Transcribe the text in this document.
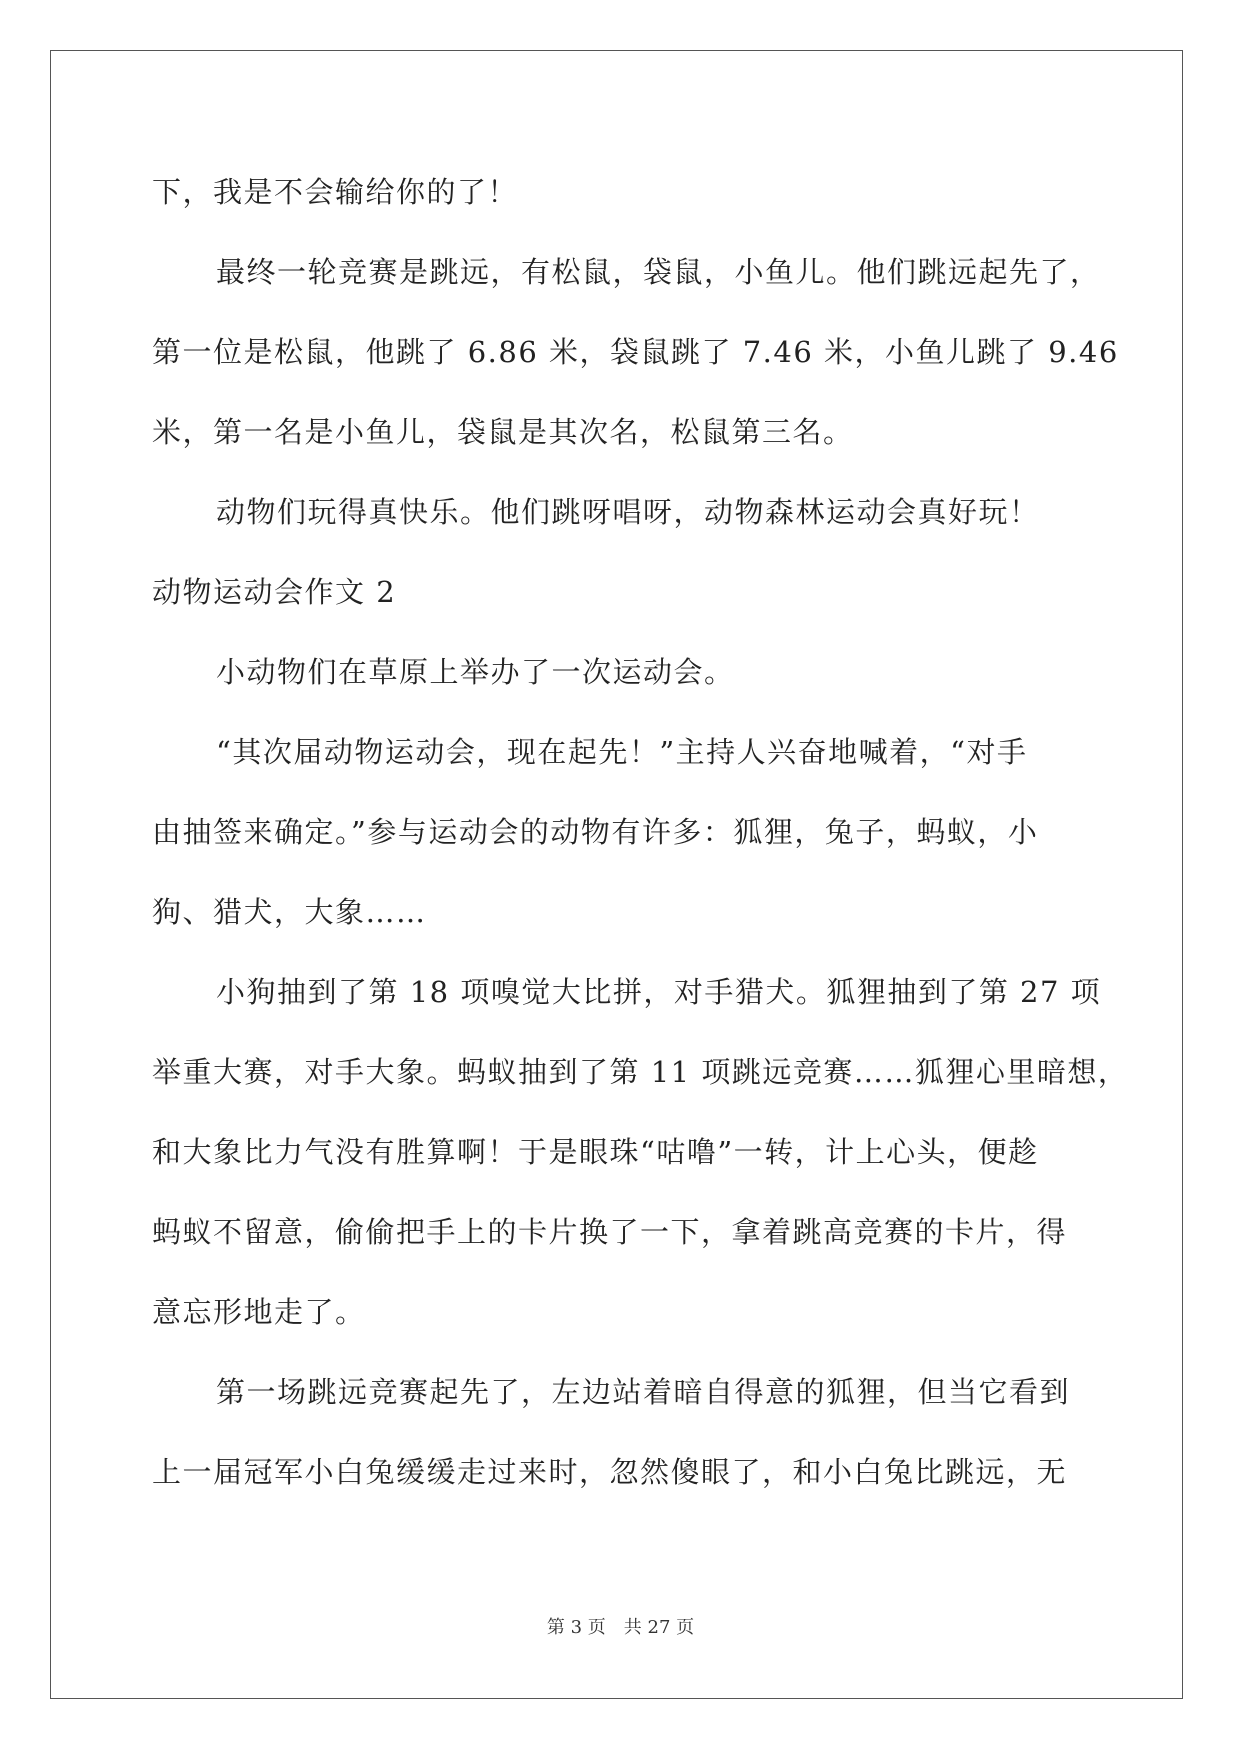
下，我是不会输给你的了！
最终一轮竞赛是跳远，有松鼠，袋鼠，小鱼儿。他们跳远起先了，
第一位是松鼠，他跳了 6.86 米，袋鼠跳了 7.46 米，小鱼儿跳了 9.46
米，第一名是小鱼儿，袋鼠是其次名，松鼠第三名。
动物们玩得真快乐。他们跳呀唱呀，动物森林运动会真好玩！
动物运动会作文 2
小动物们在草原上举办了一次运动会。
“其次届动物运动会，现在起先！”主持人兴奋地喊着，“对手
由抽签来确定。”参与运动会的动物有许多：狐狸，兔子，蚂蚁，小
狗、猎犬，大象……
小狗抽到了第 18 项嗅觉大比拼，对手猎犬。狐狸抽到了第 27 项
举重大赛，对手大象。蚂蚁抽到了第 11 项跳远竞赛……狐狸心里暗想，
和大象比力气没有胜算啊！于是眼珠“咕噜”一转，计上心头，便趁
蚂蚁不留意，偷偷把手上的卡片换了一下，拿着跳高竞赛的卡片，得
意忘形地走了。
第一场跳远竞赛起先了，左边站着暗自得意的狐狸，但当它看到
上一届冠军小白兔缓缓走过来时，忽然傻眼了，和小白兔比跳远，无
第 3 页　共 27 页
